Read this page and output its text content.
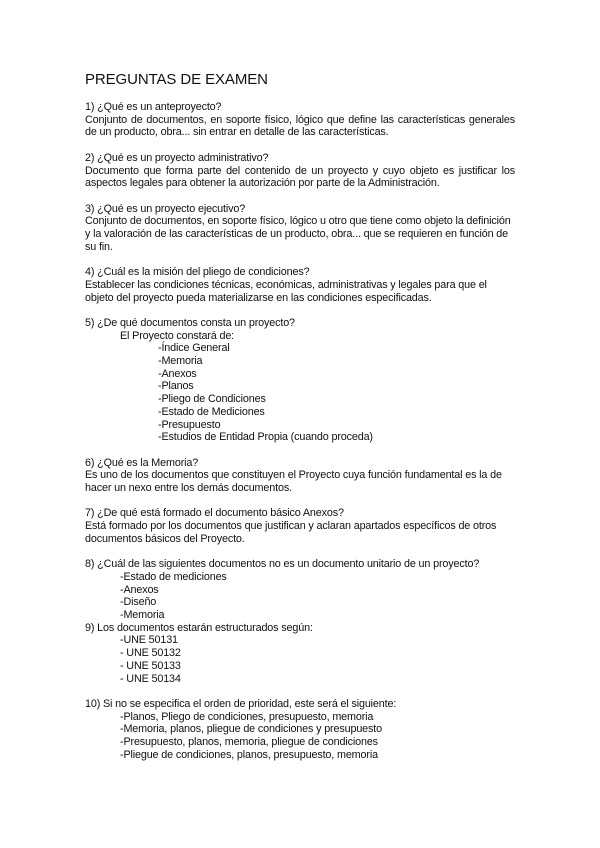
PREGUNTAS DE EXAMEN
1) ¿Qué es un anteproyecto?
Conjunto de documentos, en soporte físico, lógico que define las características generales de un producto, obra... sin entrar en detalle de las características.
2) ¿Qué es un proyecto administrativo?
Documento que forma parte del contenido de un proyecto y cuyo objeto es justificar los aspectos legales para obtener la autorización por parte de la Administración.
3) ¿Qué es un proyecto ejecutivo?
Conjunto de documentos, en soporte físico, lógico u otro que tiene como objeto la definición y la valoración de las características de un producto, obra... que se requieren en función de su fin.
4) ¿Cuál es la misión del pliego de condiciones?
Establecer las condiciones técnicas, económicas, administrativas y legales para que el objeto del proyecto pueda materializarse en las condiciones especificadas.
5) ¿De qué documentos consta un proyecto?
El Proyecto constará de:
-Índice General
-Memoria
-Anexos
-Planos
-Pliego de Condiciones
-Estado de Mediciones
-Presupuesto
-Estudios de Entidad Propia (cuando proceda)
6) ¿Qué es la Memoria?
Es uno de los documentos que constituyen el Proyecto cuya función fundamental es la de hacer un nexo entre los demás documentos.
7) ¿De qué está formado el documento básico Anexos?
Está formado por los documentos que justifican y aclaran apartados específicos de otros documentos básicos del Proyecto.
8) ¿Cuál de las siguientes documentos no es un documento unitario de un proyecto?
-Estado de mediciones
-Anexos
-Diseño
-Memoria
9) Los documentos estarán estructurados según:
-UNE 50131
- UNE 50132
- UNE 50133
- UNE 50134
10) Si no se especifica el orden de prioridad, este será el siguiente:
-Planos, Pliego de condiciones, presupuesto, memoria
-Memoria, planos, pliegue de condiciones y presupuesto
-Presupuesto, planos, memoria, pliegue de condiciones
-Pliegue de condiciones, planos, presupuesto, memoria
